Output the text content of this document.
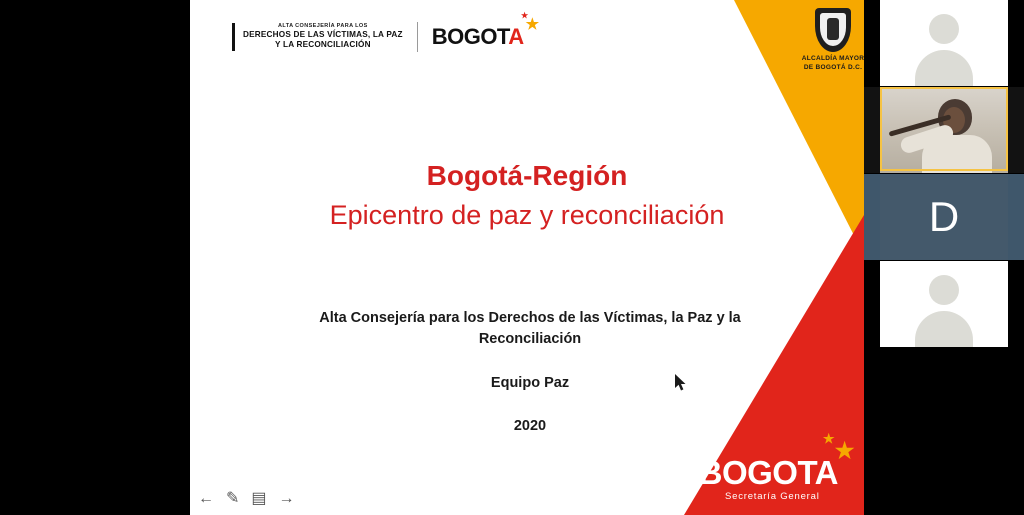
ALTA CONSEJERÍA PARA LOS
DERECHOS DE LAS VÍCTIMAS, LA PAZ
Y LA RECONCILIACIÓN	BOGOTA ★
★
ALCALDÍA MAYOR
DE BOGOTÁ D.C.
Bogotá-Región
Epicentro de paz y reconciliación
Alta Consejería para los Derechos de las Víctimas, la Paz y la Reconciliación
Equipo Paz
2020
BOGOTA
★
★
Secretaría General
← ✎ ▤ →
D
